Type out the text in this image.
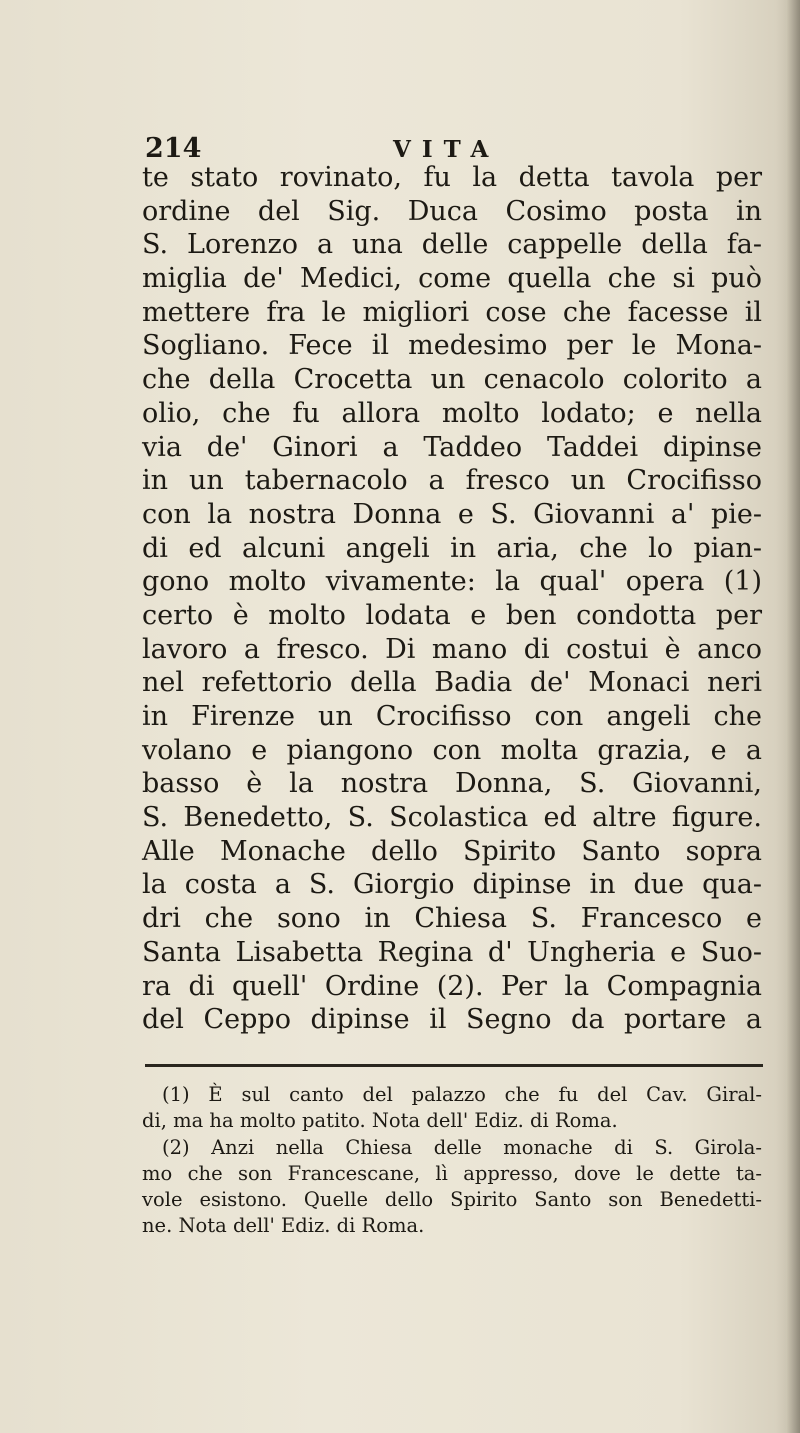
214	VITA
te stato rovinato, fu la detta tavola per
ordine del Sig. Duca Cosimo posta in
S. Lorenzo a una delle cappelle della fa-
miglia de' Medici, come quella che si può
mettere fra le migliori cose che facesse il
Sogliano. Fece il medesimo per le Mona-
che della Crocetta un cenacolo colorito a
olio, che fu allora molto lodato; e nella
via de' Ginori a Taddeo Taddei dipinse
in un tabernacolo a fresco un Crocifisso
con la nostra Donna e S. Giovanni a' pie-
di ed alcuni angeli in aria, che lo pian-
gono molto vivamente: la qual' opera (1)
certo è molto lodata e ben condotta per
lavoro a fresco. Di mano di costui è anco
nel refettorio della Badia de' Monaci neri
in Firenze un Crocifisso con angeli che
volano e piangono con molta grazia, e a
basso è la nostra Donna, S. Giovanni,
S. Benedetto, S. Scolastica ed altre figure.
Alle Monache dello Spirito Santo sopra
la costa a S. Giorgio dipinse in due qua-
dri che sono in Chiesa S. Francesco e
Santa Lisabetta Regina d' Ungheria e Suo-
ra di quell' Ordine (2). Per la Compagnia
del Ceppo dipinse il Segno da portare a
(1) È sul canto del palazzo che fu del Cav. Giral-
di, ma ha molto patito. Nota dell' Ediz. di Roma.
(2) Anzi nella Chiesa delle monache di S. Girola-
mo che son Francescane, lì appresso, dove le dette ta-
vole esistono. Quelle dello Spirito Santo son Benedetti-
ne. Nota dell' Ediz. di Roma.
